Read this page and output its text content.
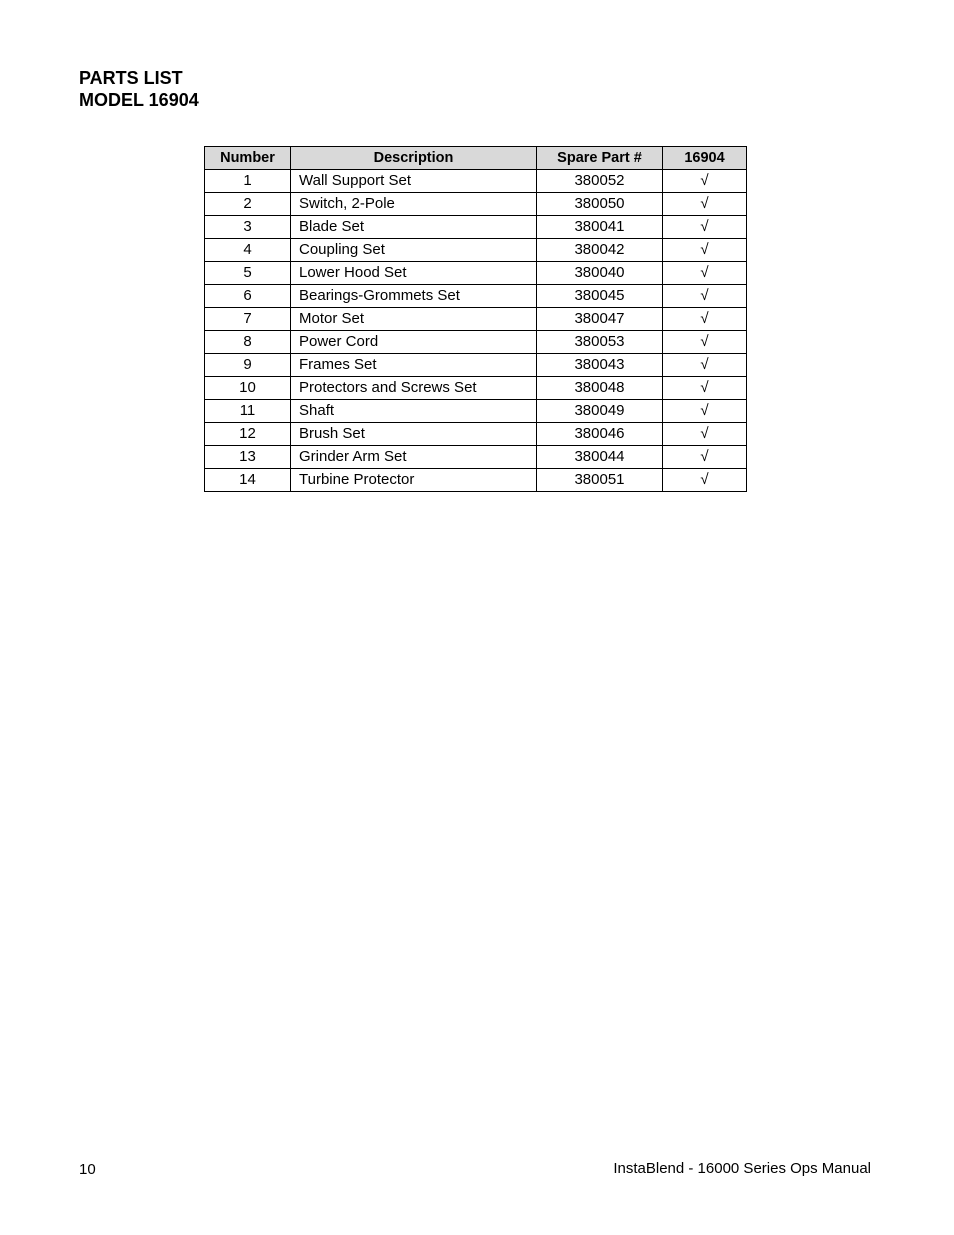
PARTS LIST
MODEL 16904
Number	Description	Spare Part #	16904
1	Wall Support Set	380052	√
2	Switch, 2-Pole	380050	√
3	Blade Set	380041	√
4	Coupling Set	380042	√
5	Lower Hood Set	380040	√
6	Bearings-Grommets Set	380045	√
7	Motor Set	380047	√
8	Power Cord	380053	√
9	Frames Set	380043	√
10	Protectors and Screws Set	380048	√
11	Shaft	380049	√
12	Brush Set	380046	√
13	Grinder Arm Set	380044	√
14	Turbine Protector	380051	√
10	InstaBlend - 16000 Series Ops Manual
